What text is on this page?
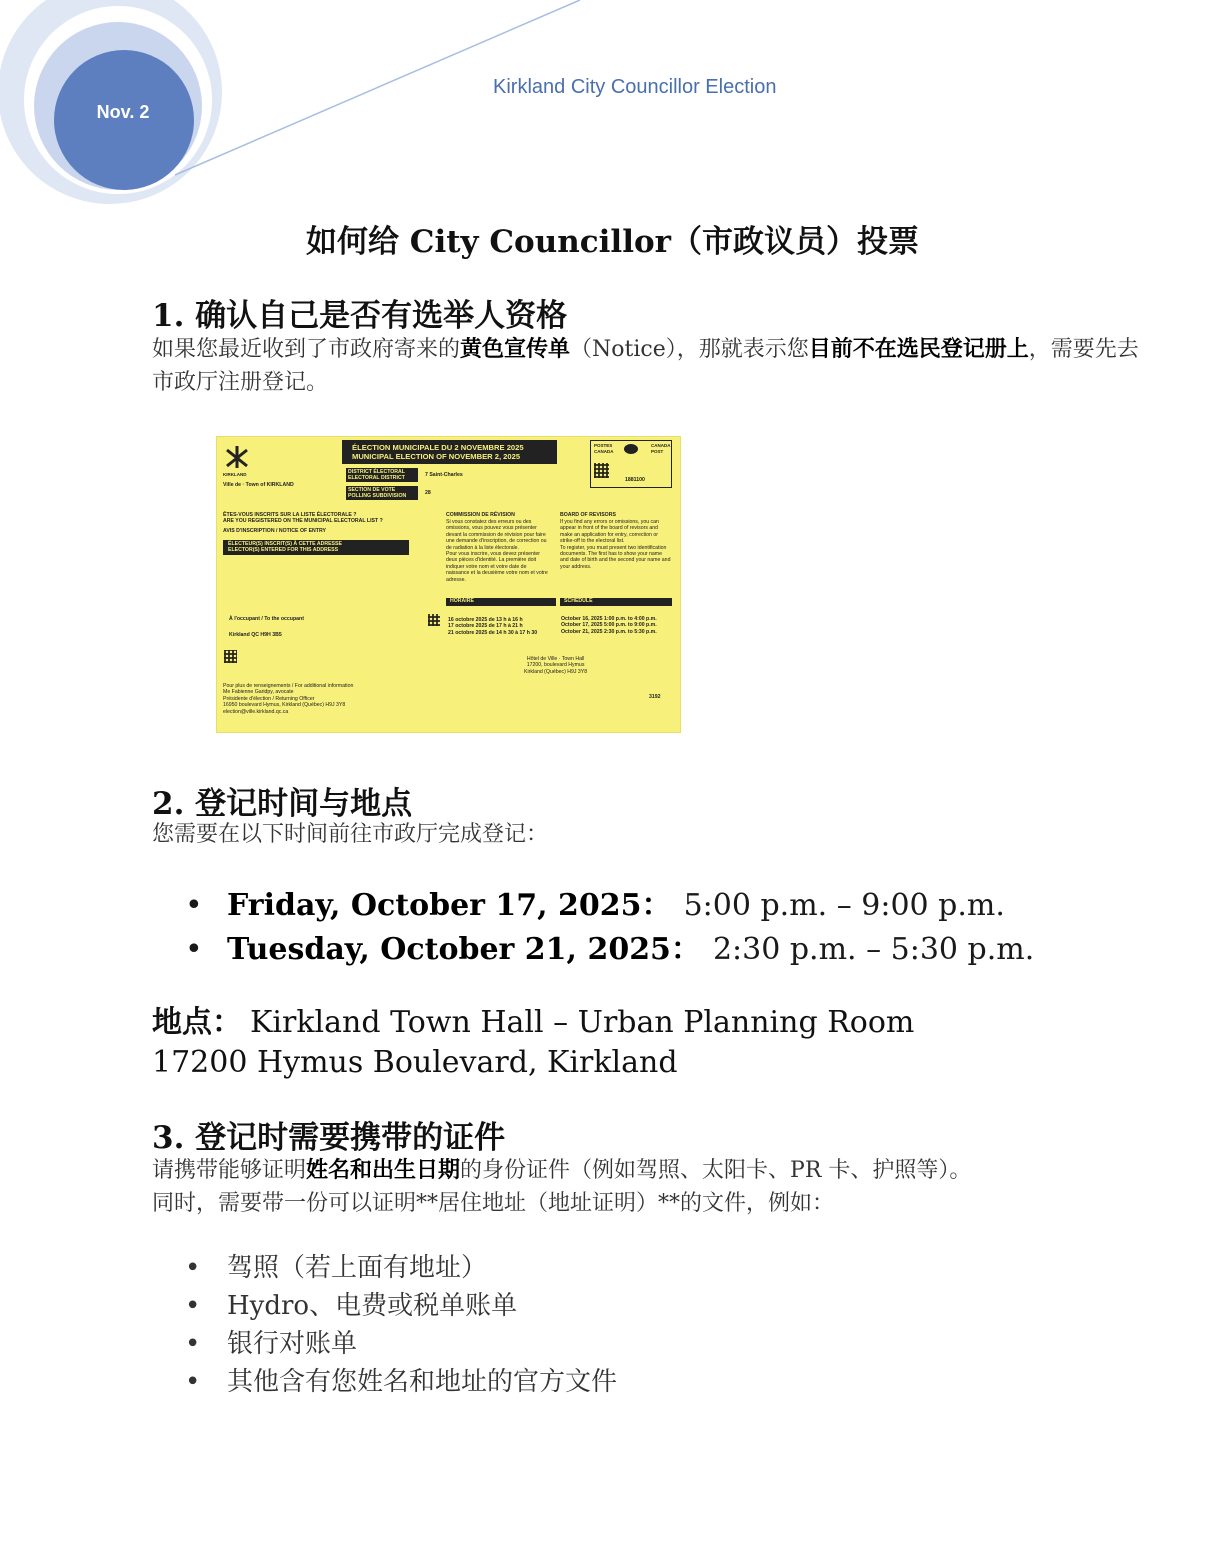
Nov. 2
Kirkland City Councillor Election
如何给 City Councillor（市政议员）投票
1. 确认自己是否有选举人资格
如果您最近收到了市政府寄来的黄色宣传单（Notice），那就表示您目前不在选民登记册上，需要先去市政厅注册登记。
KIRKLAND
Ville de · Town of KIRKLAND
ÉLECTION MUNICIPALE DU 2 NOVEMBRE 2025
MUNICIPAL ELECTION OF NOVEMBER 2, 2025
DISTRICT ÉLECTORAL
ELECTORAL DISTRICT
7 Saint-Charles
SECTION DE VOTE
POLLING SUBDIVISION
28
POSTES
CANADA
CANADA
POST
1881100
ÊTES-VOUS INSCRITS SUR LA LISTE ÉLECTORALE ?
ARE YOU REGISTERED ON THE MUNICIPAL ELECTORAL LIST ?
AVIS D'INSCRIPTION / NOTICE OF ENTRY
ÉLECTEUR(S) INSCRIT(S) À CETTE ADRESSE
ELECTOR(S) ENTERED FOR THIS ADDRESS
COMMISSION DE RÉVISION
Si vous constatez des erreurs ou des omissions, vous pouvez vous présenter devant la commission de révision pour faire une demande d'inscription, de correction ou de radiation à la liste électorale.
Pour vous inscrire, vous devez présenter deux pièces d'identité. La première doit indiquer votre nom et votre date de naissance et la deuxième votre nom et votre adresse.
BOARD OF REVISORS
If you find any errors or omissions, you can appear in front of the board of revisors and make an application for entry, correction or strike-off to the electoral list.
To register, you must present two identification documents. The first has to show your name and date of birth and the second your name and your address.
HORAIRE	SCHEDULE
16 octobre 2025 de 13 h à 16 h
17 octobre 2025 de 17 h à 21 h
21 octobre 2025 de 14 h 30 à 17 h 30
October 16, 2025 1:00 p.m. to 4:00 p.m.
October 17, 2025 5:00 p.m. to 9:00 p.m.
October 21, 2025 2:30 p.m. to 5:30 p.m.
À l'occupant / To the occupant
Kirkland QC H9H 3B5
Hôtel de Ville · Town Hall
17200, boulevard Hymus
Kirkland (Québec) H9J 3Y8
Pour plus de renseignements / For additional information
Me Fabienne Garidpy, avocate
Présidente d'élection / Returning Officer
16950 boulevard Hymus, Kirkland (Québec) H9J 3Y8
election@ville.kirkland.qc.ca
3192
2. 登记时间与地点
您需要在以下时间前往市政厅完成登记：
• Friday, October 17, 2025： 5:00 p.m. – 9:00 p.m.
• Tuesday, October 21, 2025： 2:30 p.m. – 5:30 p.m.
地点： Kirkland Town Hall – Urban Planning Room
17200 Hymus Boulevard, Kirkland
3. 登记时需要携带的证件
请携带能够证明姓名和出生日期的身份证件（例如驾照、太阳卡、PR 卡、护照等）。
同时，需要带一份可以证明**居住地址（地址证明）**的文件，例如：
• 驾照（若上面有地址）
• Hydro、电费或税单账单
• 银行对账单
• 其他含有您姓名和地址的官方文件
